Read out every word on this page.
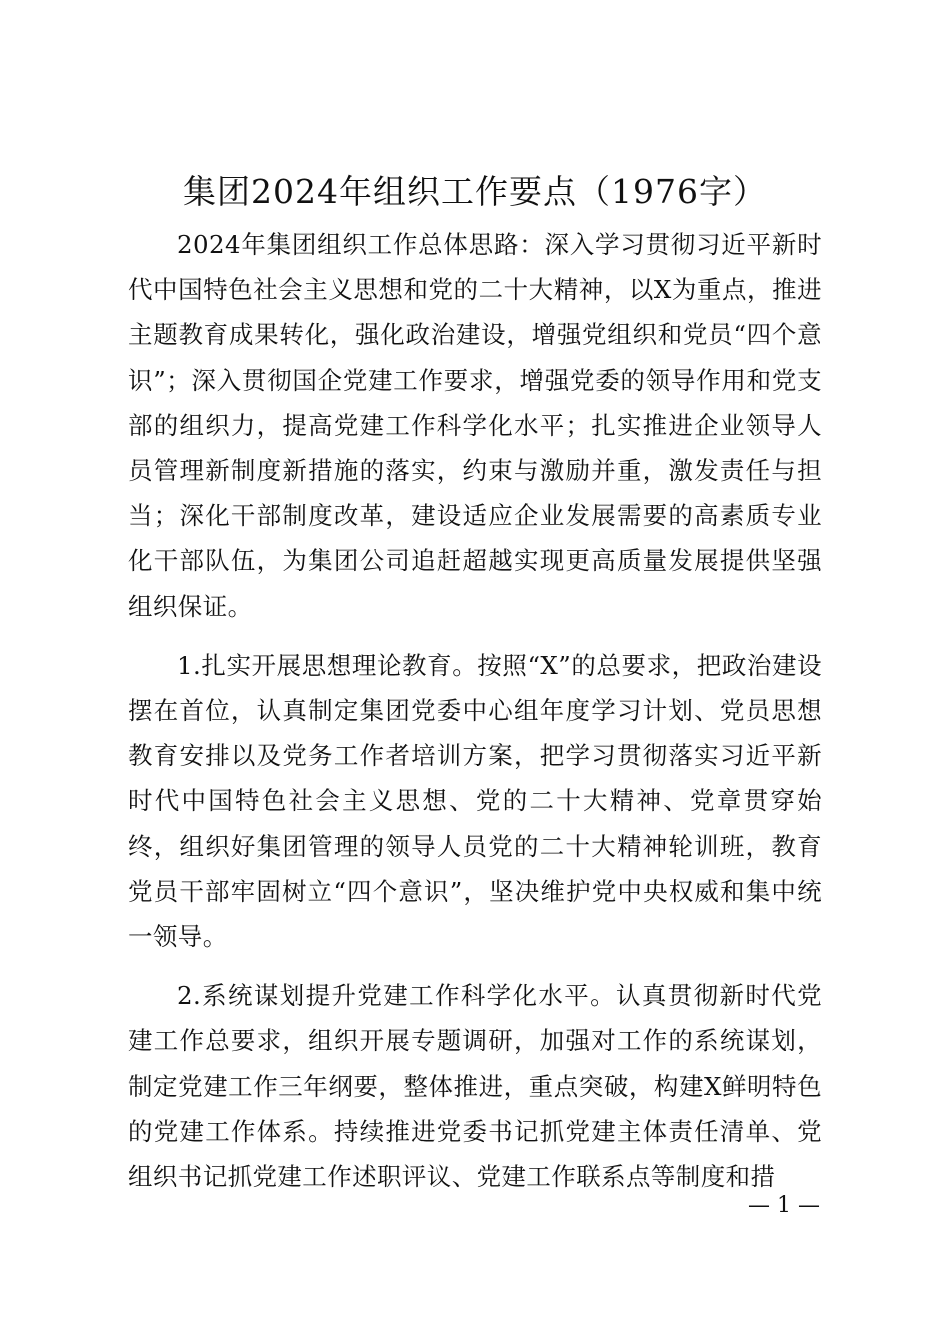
集团2024年组织工作要点（1976字）

2024年集团组织工作总体思路：深入学习贯彻习近平新时代中国特色社会主义思想和党的二十大精神，以X为重点，推进主题教育成果转化，强化政治建设，增强党组织和党员“四个意识”；深入贯彻国企党建工作要求，增强党委的领导作用和党支部的组织力，提高党建工作科学化水平；扎实推进企业领导人员管理新制度新措施的落实，约束与激励并重，激发责任与担当；深化干部制度改革，建设适应企业发展需要的高素质专业化干部队伍，为集团公司追赶超越实现更高质量发展提供坚强组织保证。

1.扎实开展思想理论教育。按照“X”的总要求，把政治建设摆在首位，认真制定集团党委中心组年度学习计划、党员思想教育安排以及党务工作者培训方案，把学习贯彻落实习近平新时代中国特色社会主义思想、党的二十大精神、党章贯穿始终，组织好集团管理的领导人员党的二十大精神轮训班，教育党员干部牢固树立“四个意识”，坚决维护党中央权威和集中统一领导。

2.系统谋划提升党建工作科学化水平。认真贯彻新时代党建工作总要求，组织开展专题调研，加强对工作的系统谋划，制定党建工作三年纲要，整体推进，重点突破，构建X鲜明特色的党建工作体系。持续推进党委书记抓党建主体责任清单、党组织书记抓党建工作述职评议、党建工作联系点等制度和措

— 1 —
